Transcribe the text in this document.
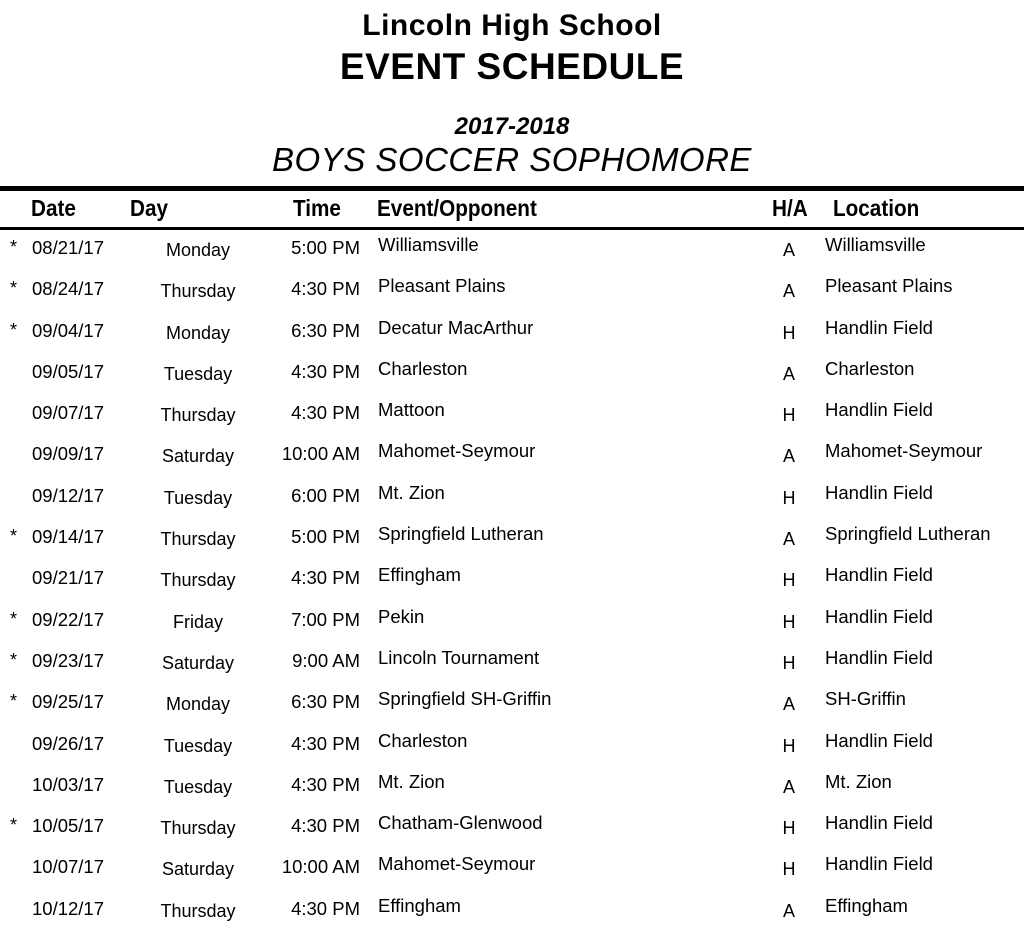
Lincoln High School
EVENT SCHEDULE
2017-2018
BOYS SOCCER SOPHOMORE
Date Day	Time Event/Opponent	H/A Location
* 08/21/17	Monday	5:00 PM Williamsville	A	Williamsville
* 08/24/17	Thursday	4:30 PM Pleasant Plains	A	Pleasant Plains
* 09/04/17	Monday	6:30 PM Decatur MacArthur	H	Handlin Field
09/05/17	Tuesday	4:30 PM Charleston	A	Charleston
09/07/17	Thursday	4:30 PM Mattoon	H	Handlin Field
09/09/17	Saturday	10:00 AM Mahomet-Seymour	A	Mahomet-Seymour
09/12/17	Tuesday	6:00 PM Mt. Zion	H	Handlin Field
* 09/14/17	Thursday	5:00 PM Springfield Lutheran	A	Springfield Lutheran
09/21/17	Thursday	4:30 PM Effingham	H	Handlin Field
* 09/22/17	Friday	7:00 PM Pekin	H	Handlin Field
* 09/23/17	Saturday	9:00 AM Lincoln Tournament	H	Handlin Field
* 09/25/17	Monday	6:30 PM Springfield SH-Griffin	A	SH-Griffin
09/26/17	Tuesday	4:30 PM Charleston	H	Handlin Field
10/03/17	Tuesday	4:30 PM Mt. Zion	A	Mt. Zion
* 10/05/17	Thursday	4:30 PM Chatham-Glenwood	H	Handlin Field
10/07/17	Saturday	10:00 AM Mahomet-Seymour	H	Handlin Field
10/12/17	Thursday	4:30 PM Effingham	A	Effingham
